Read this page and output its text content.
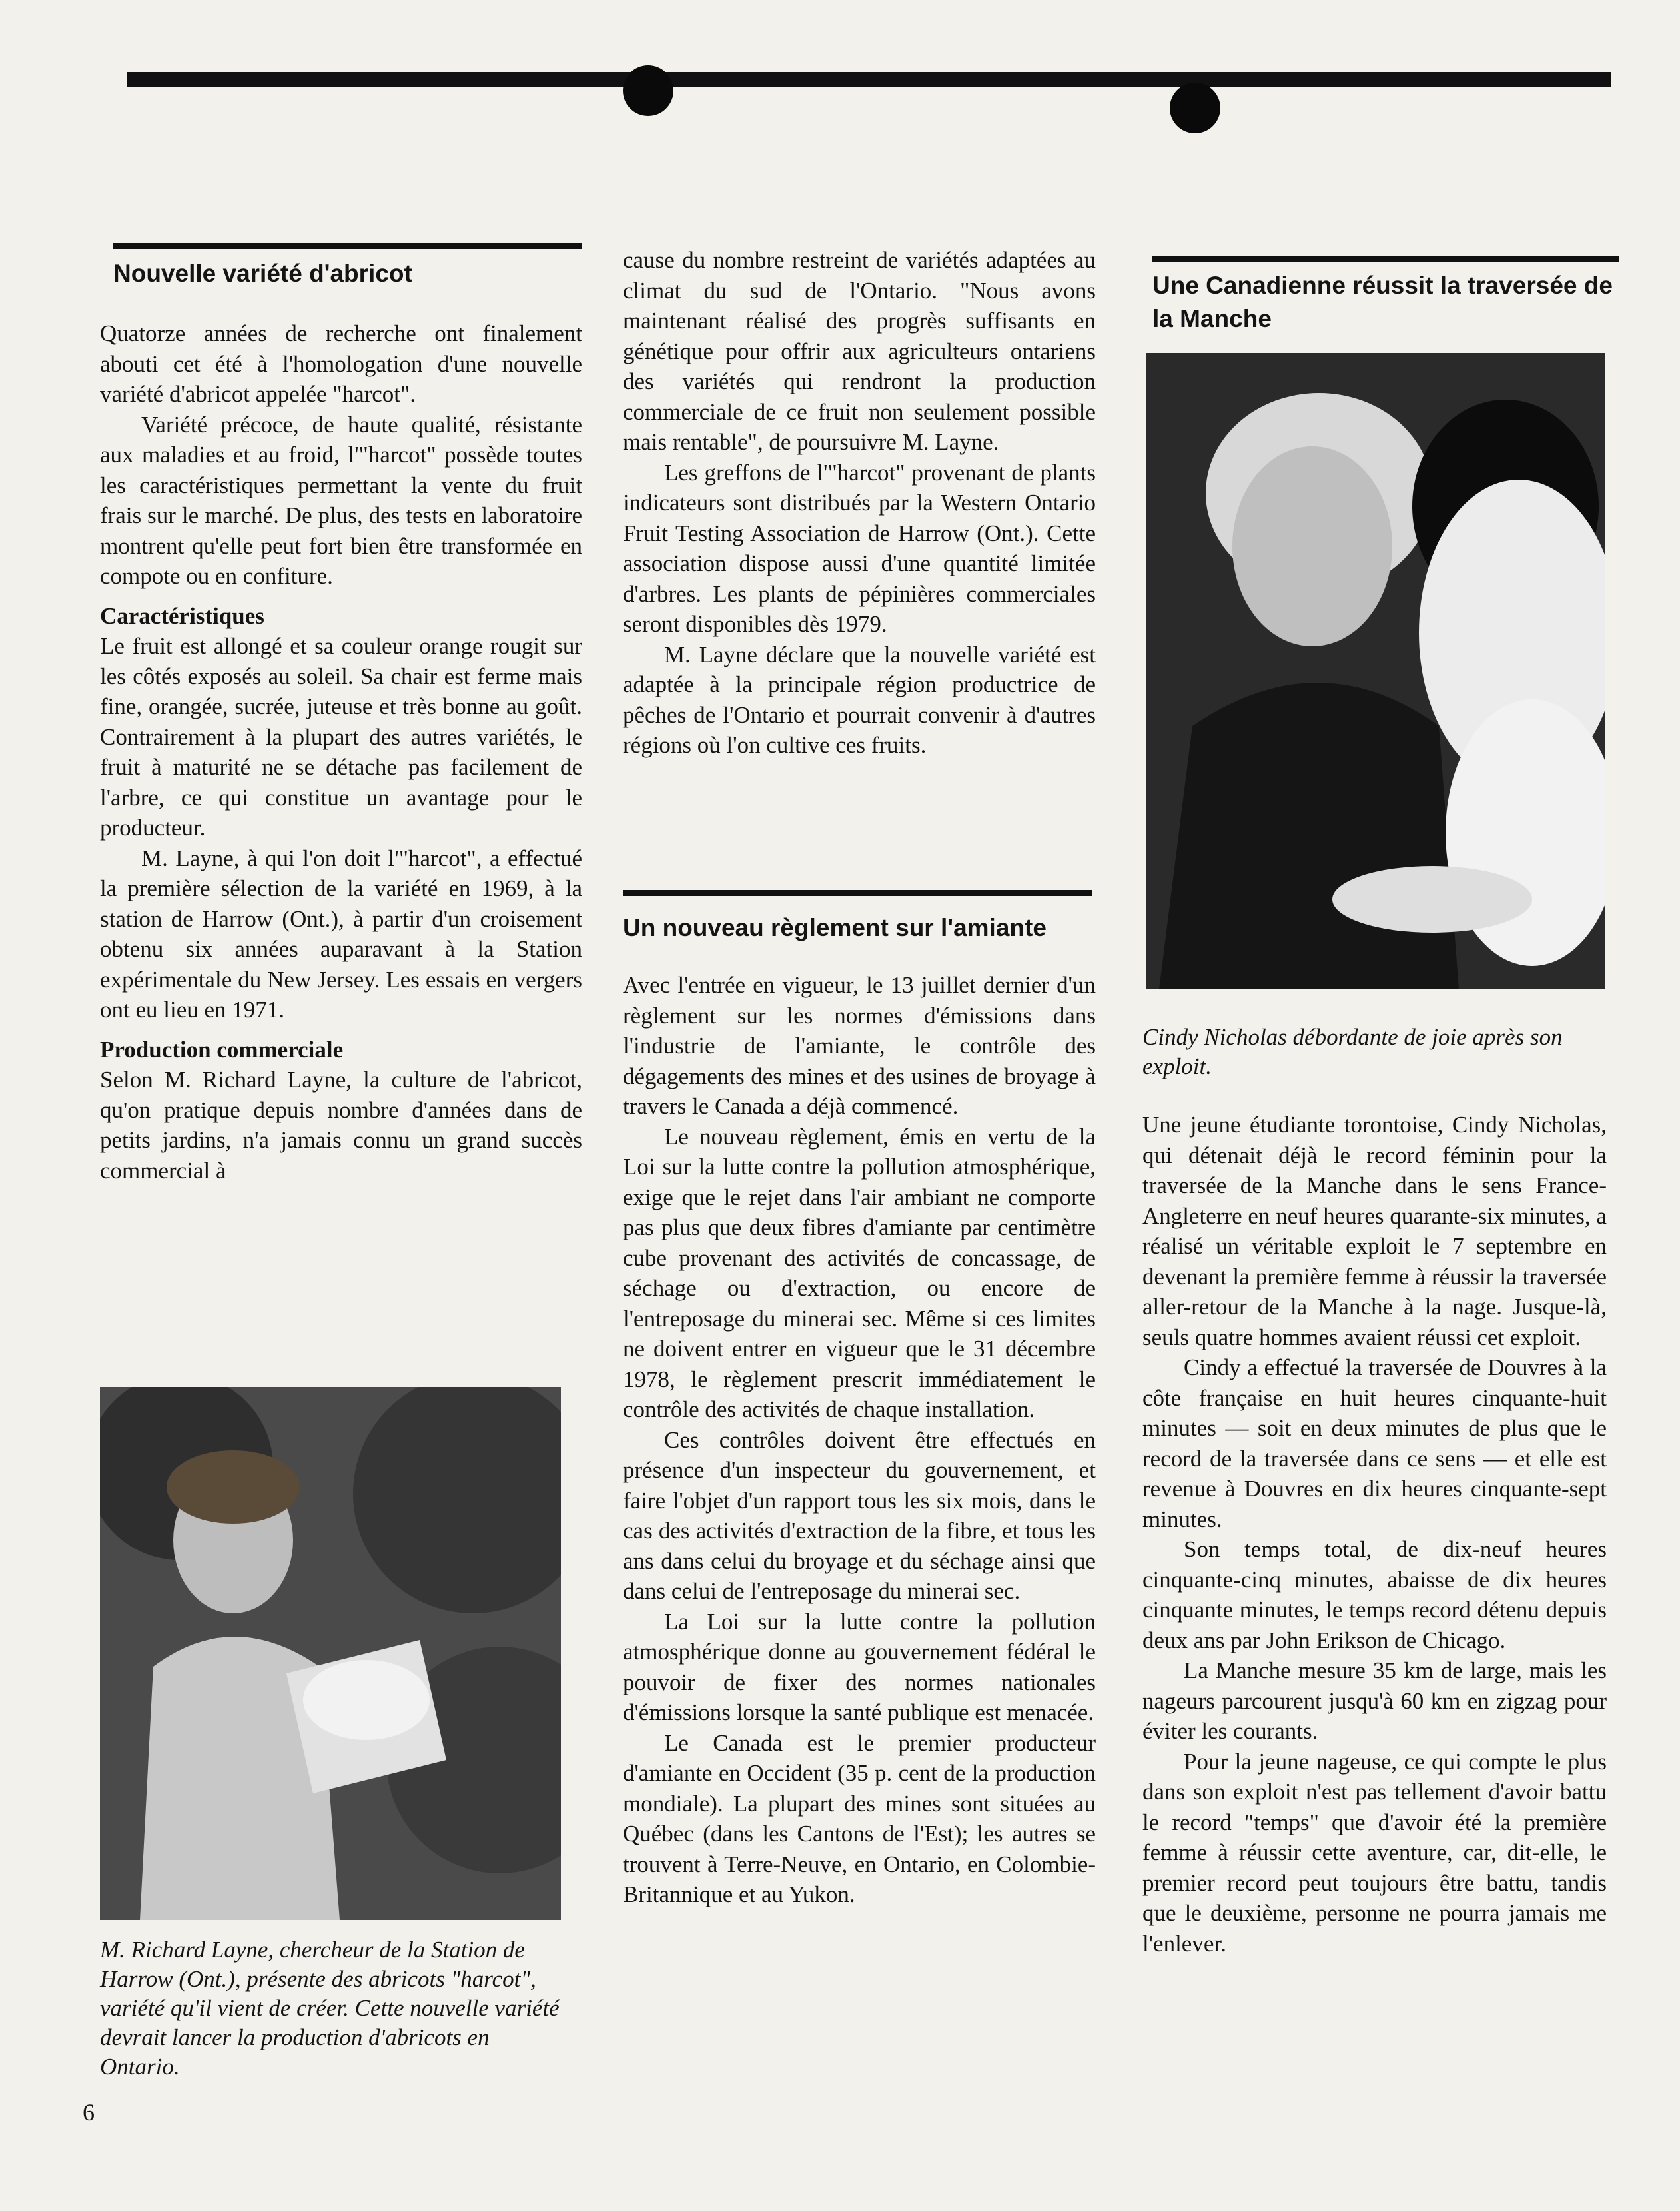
Nouvelle variété d'abricot

Quatorze années de recherche ont finalement abouti cet été à l'homologation d'une nouvelle variété d'abricot appelée "harcot".

Variété précoce, de haute qualité, résistante aux maladies et au froid, l'"harcot" possède toutes les caractéristiques permettant la vente du fruit frais sur le marché. De plus, des tests en laboratoire montrent qu'elle peut fort bien être transformée en compote ou en confiture.

Caractéristiques

Le fruit est allongé et sa couleur orange rougit sur les côtés exposés au soleil. Sa chair est ferme mais fine, orangée, sucrée, juteuse et très bonne au goût. Contrairement à la plupart des autres variétés, le fruit à maturité ne se détache pas facilement de l'arbre, ce qui constitue un avantage pour le producteur.

M. Layne, à qui l'on doit l'"harcot", a effectué la première sélection de la variété en 1969, à la station de Harrow (Ont.), à partir d'un croisement obtenu six années auparavant à la Station expérimentale du New Jersey. Les essais en vergers ont eu lieu en 1971.

Production commerciale

Selon M. Richard Layne, la culture de l'abricot, qu'on pratique depuis nombre d'années dans de petits jardins, n'a jamais connu un grand succès commercial à

M. Richard Layne, chercheur de la Station de Harrow (Ont.), présente des abricots "harcot", variété qu'il vient de créer. Cette nouvelle variété devrait lancer la production d'abricots en Ontario.

cause du nombre restreint de variétés adaptées au climat du sud de l'Ontario. "Nous avons maintenant réalisé des progrès suffisants en génétique pour offrir aux agriculteurs ontariens des variétés qui rendront la production commerciale de ce fruit non seulement possible mais rentable", de poursuivre M. Layne.

Les greffons de l'"harcot" provenant de plants indicateurs sont distribués par la Western Ontario Fruit Testing Association de Harrow (Ont.). Cette association dispose aussi d'une quantité limitée d'arbres. Les plants de pépinières commerciales seront disponibles dès 1979.

M. Layne déclare que la nouvelle variété est adaptée à la principale région productrice de pêches de l'Ontario et pourrait convenir à d'autres régions où l'on cultive ces fruits.

Un nouveau règlement sur l'amiante

Avec l'entrée en vigueur, le 13 juillet dernier d'un règlement sur les normes d'émissions dans l'industrie de l'amiante, le contrôle des dégagements des mines et des usines de broyage à travers le Canada a déjà commencé.

Le nouveau règlement, émis en vertu de la Loi sur la lutte contre la pollution atmosphérique, exige que le rejet dans l'air ambiant ne comporte pas plus que deux fibres d'amiante par centimètre cube provenant des activités de concassage, de séchage ou d'extraction, ou encore de l'entreposage du minerai sec. Même si ces limites ne doivent entrer en vigueur que le 31 décembre 1978, le règlement prescrit immédiatement le contrôle des activités de chaque installation.

Ces contrôles doivent être effectués en présence d'un inspecteur du gouvernement, et faire l'objet d'un rapport tous les six mois, dans le cas des activités d'extraction de la fibre, et tous les ans dans celui du broyage et du séchage ainsi que dans celui de l'entreposage du minerai sec.

La Loi sur la lutte contre la pollution atmosphérique donne au gouvernement fédéral le pouvoir de fixer des normes nationales d'émissions lorsque la santé publique est menacée.

Le Canada est le premier producteur d'amiante en Occident (35 p. cent de la production mondiale). La plupart des mines sont situées au Québec (dans les Cantons de l'Est); les autres se trouvent à Terre-Neuve, en Ontario, en Colombie-Britannique et au Yukon.

Une Canadienne réussit la traversée de la Manche
Cindy Nicholas débordante de joie après son exploit.

Une jeune étudiante torontoise, Cindy Nicholas, qui détenait déjà le record féminin pour la traversée de la Manche dans le sens France-Angleterre en neuf heures quarante-six minutes, a réalisé un véritable exploit le 7 septembre en devenant la première femme à réussir la traversée aller-retour de la Manche à la nage. Jusque-là, seuls quatre hommes avaient réussi cet exploit.

Cindy a effectué la traversée de Douvres à la côte française en huit heures cinquante-huit minutes — soit en deux minutes de plus que le record de la traversée dans ce sens — et elle est revenue à Douvres en dix heures cinquante-sept minutes.

Son temps total, de dix-neuf heures cinquante-cinq minutes, abaisse de dix heures cinquante minutes, le temps record détenu depuis deux ans par John Erikson de Chicago.

La Manche mesure 35 km de large, mais les nageurs parcourent jusqu'à 60 km en zigzag pour éviter les courants.

Pour la jeune nageuse, ce qui compte le plus dans son exploit n'est pas tellement d'avoir battu le record "temps" que d'avoir été la première femme à réussir cette aventure, car, dit-elle, le premier record peut toujours être battu, tandis que le deuxième, personne ne pourra jamais me l'enlever.

6
